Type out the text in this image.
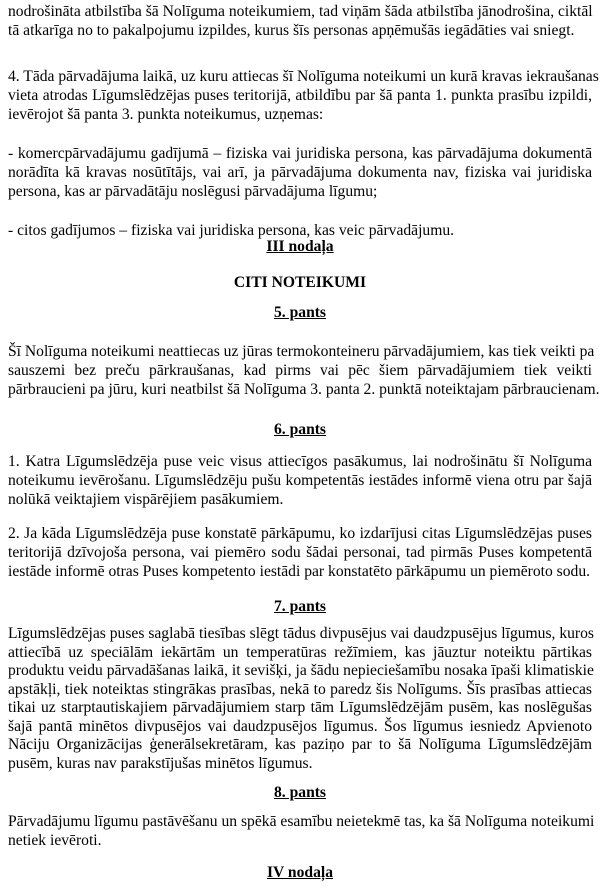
nodrošināta atbilstība šā Nolīguma noteikumiem, tad viņām šāda atbilstība jānodrošina, ciktāl
tā atkarīga no to pakalpojumu izpildes, kurus šīs personas apņēmušās iegādāties vai sniegt.
4. Tāda pārvadājuma laikā, uz kuru attiecas šī Nolīguma noteikumi un kurā kravas iekraušanas
vieta atrodas Līgumslēdzējas puses teritorijā, atbildību par šā panta 1. punkta prasību izpildi,
ievērojot šā panta 3. punkta noteikumus, uzņemas:
- komercpārvadājumu gadījumā – fiziska vai juridiska persona, kas pārvadājuma dokumentā
norādīta kā kravas nosūtītājs, vai arī, ja pārvadājuma dokumenta nav, fiziska vai juridiska
persona, kas ar pārvadātāju noslēgusi pārvadājuma līgumu;
- citos gadījumos – fiziska vai juridiska persona, kas veic pārvadājumu.
III nodaļa
CITI NOTEIKUMI
5. pants
Šī Nolīguma noteikumi neattiecas uz jūras termokonteineru pārvadājumiem, kas tiek veikti pa
sauszemi bez preču pārkraušanas, kad pirms vai pēc šiem pārvadājumiem tiek veikti
pārbraucieni pa jūru, kuri neatbilst šā Nolīguma 3. panta 2. punktā noteiktajam pārbraucienam.
6. pants
1. Katra Līgumslēdzēja puse veic visus attiecīgos pasākumus, lai nodrošinātu šī Nolīguma
noteikumu ievērošanu. Līgumslēdzēju pušu kompetentās iestādes informē viena otru par šajā
nolūkā veiktajiem vispārējiem pasākumiem.
2. Ja kāda Līgumslēdzēja puse konstatē pārkāpumu, ko izdarījusi citas Līgumslēdzējas puses
teritorijā dzīvojoša persona, vai piemēro sodu šādai personai, tad pirmās Puses kompetentā
iestāde informē otras Puses kompetento iestādi par konstatēto pārkāpumu un piemēroto sodu.
7. pants
Līgumslēdzējas puses saglabā tiesības slēgt tādus divpusējus vai daudzpusējus līgumus, kuros
attiecībā uz speciālām iekārtām un temperatūras režīmiem, kas jāuztur noteiktu pārtikas
produktu veidu pārvadāšanas laikā, it sevišķi, ja šādu nepieciešamību nosaka īpaši klimatiskie
apstākļi, tiek noteiktas stingrākas prasības, nekā to paredz šis Nolīgums. Šīs prasības attiecas
tikai uz starptautiskajiem pārvadājumiem starp tām Līgumslēdzējām pusēm, kas noslēgušas
šajā pantā minētos divpusējos vai daudzpusējos līgumus. Šos līgumus iesniedz Apvienoto
Nāciju Organizācijas ģenerālsekretāram, kas paziņo par to šā Nolīguma Līgumslēdzējām
pusēm, kuras nav parakstījušas minētos līgumus.
8. pants
Pārvadājumu līgumu pastāvēšanu un spēkā esamību neietekmē tas, ka šā Nolīguma noteikumi
netiek ievēroti.
IV nodaļa
